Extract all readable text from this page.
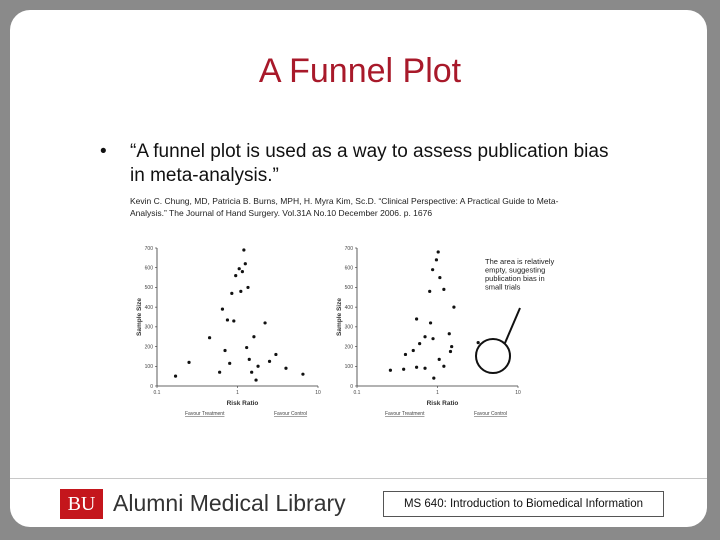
A Funnel Plot
• “A funnel plot is used as a way to assess publication bias in meta-analysis.”
Kevin C. Chung, MD, Patricia B. Burns, MPH, H. Myra Kim, Sc.D. “Clinical Perspective: A Practical Guide to Meta-Analysis.” The Journal of Hand Surgery. Vol.31A No.10 December 2006. p. 1676
0
100
200
300
400
500
600
700
0.1	1	10
Risk Ratio
Sample Size
Favour Treatment	Favour Control
0
100
200
300
400
500
600
700
0.1	1	10
Risk Ratio
Sample Size
Favour Treatment	Favour Control
The area is relatively empty, suggesting publication bias in small trials
BU Alumni Medical Library	MS 640: Introduction to Biomedical Information
